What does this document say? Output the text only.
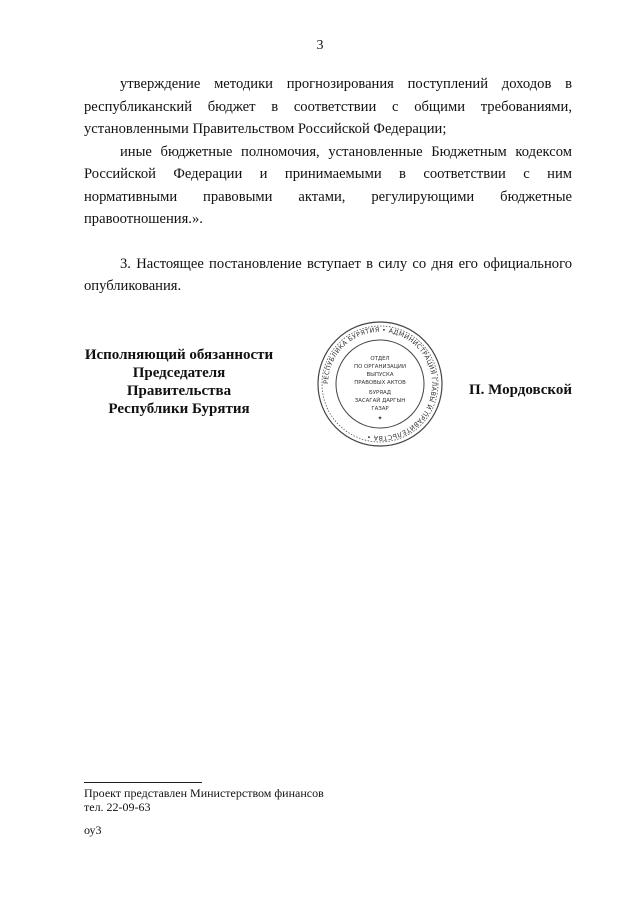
3

утверждение методики прогнозирования поступлений доходов в республиканский бюджет в соответствии с общими требованиями, установленными Правительством Российской Федерации;

иные бюджетные полномочия, установленные Бюджетным кодексом Российской Федерации и принимаемыми в соответствии с ним нормативными правовыми актами, регулирующими бюджетные правоотношения.».

3. Настоящее постановление вступает в силу со дня его официального опубликования.

Исполняющий обязанности
Председателя Правительства
Республики Бурятия
П. Мордовской
РЕСПУБЛИКА БУРЯТИЯ • АДМИНИСТРАЦИЯ ГЛАВЫ И ПРАВИТЕЛЬСТВА •
ОТДЕЛ
ПО ОРГАНИЗАЦИИ
ВЫПУСКА
ПРАВОВЫХ АКТОВ
БУРЯАД
ЗАСАГАЙ ДАРГЫН
ГАЗАР
✦
Проект представлен Министерством финансов
тел. 22-09-63
оу3
